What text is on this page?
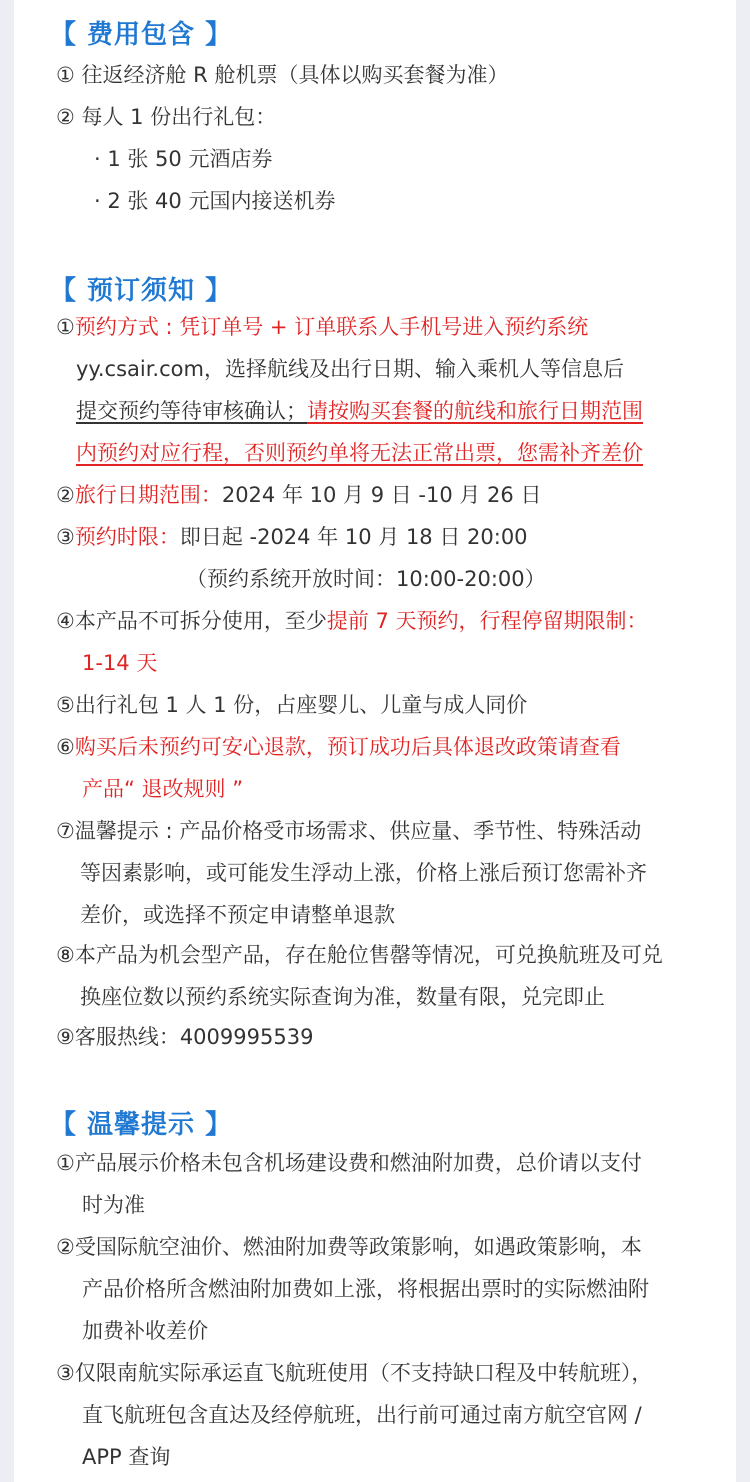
【 费用包含 】
① 往返经济舱 R 舱机票（具体以购买套餐为准）
② 每人 1 份出行礼包：
· 1 张 50 元酒店券
· 2 张 40 元国内接送机券
【 预订须知 】
①预约方式 : 凭订单号 + 订单联系人手机号进入预约系统
yy.csair.com，选择航线及出行日期、输入乘机人等信息后
提交预约等待审核确认；请按购买套餐的航线和旅行日期范围
内预约对应行程，否则预约单将无法正常出票，您需补齐差价
②旅行日期范围：2024 年 10 月 9 日 -10 月 26 日
③预约时限：即日起 -2024 年 10 月 18 日 20:00
（预约系统开放时间：10:00-20:00）
④本产品不可拆分使用，至少提前 7 天预约，行程停留期限制：
1-14 天
⑤出行礼包 1 人 1 份，占座婴儿、儿童与成人同价
⑥购买后未预约可安心退款，预订成功后具体退改政策请查看
产品“ 退改规则 ”
⑦温馨提示 : 产品价格受市场需求、供应量、季节性、特殊活动
等因素影响，或可能发生浮动上涨，价格上涨后预订您需补齐
差价，或选择不预定申请整单退款
⑧本产品为机会型产品，存在舱位售罄等情况，可兑换航班及可兑
换座位数以预约系统实际查询为准，数量有限，兑完即止
⑨客服热线：4009995539
【 温馨提示 】
①产品展示价格未包含机场建设费和燃油附加费，总价请以支付
时为准
②受国际航空油价、燃油附加费等政策影响，如遇政策影响，本
产品价格所含燃油附加费如上涨，将根据出票时的实际燃油附
加费补收差价
③仅限南航实际承运直飞航班使用（不支持缺口程及中转航班），
直飞航班包含直达及经停航班，出行前可通过南方航空官网 /
APP 查询
